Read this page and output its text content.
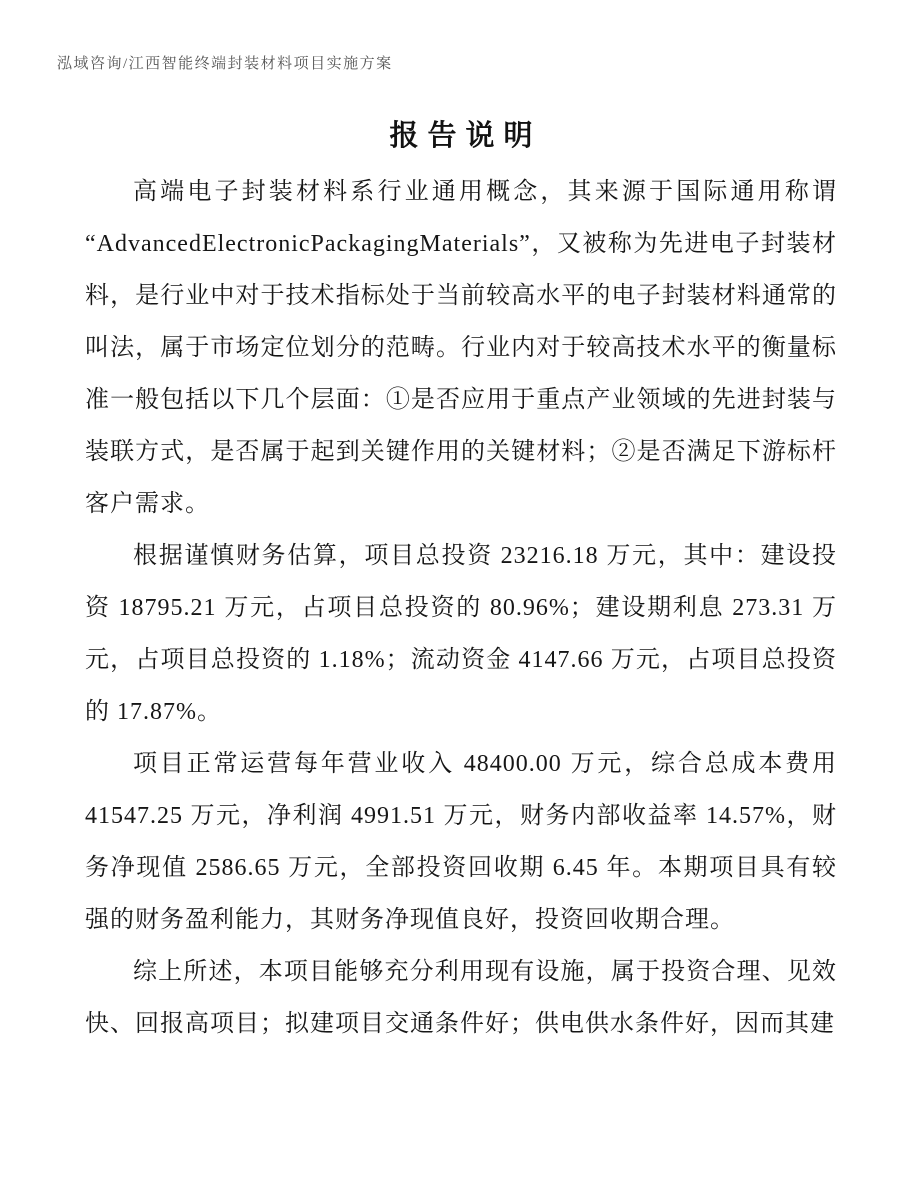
泓域咨询/江西智能终端封装材料项目实施方案
报告说明

高端电子封装材料系行业通用概念，其来源于国际通用称谓“AdvancedElectronicPackagingMaterials”，又被称为先进电子封装材料，是行业中对于技术指标处于当前较高水平的电子封装材料通常的叫法，属于市场定位划分的范畴。行业内对于较高技术水平的衡量标准一般包括以下几个层面：①是否应用于重点产业领域的先进封装与装联方式，是否属于起到关键作用的关键材料；②是否满足下游标杆客户需求。

根据谨慎财务估算，项目总投资 23216.18 万元，其中：建设投资 18795.21 万元，占项目总投资的 80.96%；建设期利息 273.31 万元，占项目总投资的 1.18%；流动资金 4147.66 万元，占项目总投资的 17.87%。

项目正常运营每年营业收入 48400.00 万元，综合总成本费用 41547.25 万元，净利润 4991.51 万元，财务内部收益率 14.57%，财务净现值 2586.65 万元，全部投资回收期 6.45 年。本期项目具有较强的财务盈利能力，其财务净现值良好，投资回收期合理。

综上所述，本项目能够充分利用现有设施，属于投资合理、见效快、回报高项目；拟建项目交通条件好；供电供水条件好，因而其建
